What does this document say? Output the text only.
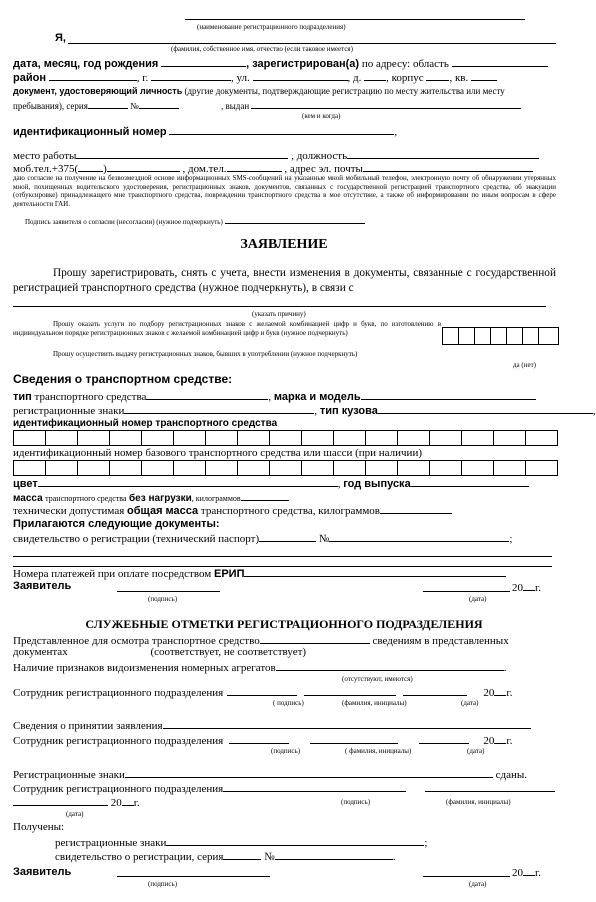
(наименование регистрационного подразделения)
Я,
(фамилия, собственное имя, отчество (если таковое имеется)
дата, месяц, год рождения	, зарегистрирован(а) по адресу: область
район	, г.	, ул.	, д. , корпус , кв.
документ, удостоверяющий личность (другие документы, подтверждающие регистрацию по месту жительства или месту
пребывания), серия	№	, выдан
(кем и когда)
идентификационный номер	,
место работы	, должность
моб.тел.+375( )	, дом.тел.	, адрес эл. почты
даю согласие на получение на безвозмездной основе информационных SMS-сообщений на указанные мной мобильный телефон, электронную почту об обнаружении утерянных мной, похищенных водительского удостоверения, регистрационных знаков, документов, связанных с государственной регистрацией транспортного средства, об эвакуации (отбуксировке) принадлежащего мне транспортного средства, повреждении транспортного средства в мое отсутствие, а также об информировании по иным вопросам в сфере деятельности ГАИ.
Подпись заявителя о согласии (несогласии) (нужное подчеркнуть)
ЗАЯВЛЕНИЕ
Прошу зарегистрировать, снять с учета, внести изменения в документы, связанные с государственной регистрацией транспортного средства (нужное подчеркнуть), в связи с
(указать причину)
Прошу оказать услуги по подбору регистрационных знаков с желаемой комбинацией цифр и букв, по изготовлению в индивидуальном порядке регистрационных знаков с желаемой комбинацией цифр и букв (нужное подчеркнуть)
Прошу осуществить выдачу регистрационных знаков, бывших в употреблении (нужное подчеркнуть)
да (нет)
Сведения о транспортном средстве:
тип транспортного средства	, марка и модель
регистрационные знаки	, тип кузова	,
идентификационный номер транспортного средства
идентификационный номер базового транспортного средства или шасси (при наличии)
цвет	, год выпуска
масса транспортного средства без нагрузки, килограммов
технически допустимая общая масса транспортного средства, килограммов
Прилагаются следующие документы:
свидетельство о регистрации (технический паспорт)	№	;
Номера платежей при оплате посредством ЕРИП
Заявитель	20 г.
(подпись)	(дата)
СЛУЖЕБНЫЕ ОТМЕТКИ РЕГИСТРАЦИОННОГО ПОДРАЗДЕЛЕНИЯ
Представленное для осмотра транспортное средство	сведениям в представленных
документах	(соответствует, не соответствует)
Наличие признаков видоизменения номерных агрегатов	.
(отсутствуют, имеются)
Сотрудник регистрационного подразделения	20 г.
( подпись)	(фамилия, инициалы)	(дата)
Сведения о принятии заявления
Сотрудник регистрационного подразделения	20 г.
(подпись)	( фамилия, инициалы)	(дата)
Регистрационные знаки	сданы.
Сотрудник регистрационного подразделения
20 г.	(подпись)	(фамилия, инициалы)
(дата)
Получены:
регистрационные знаки	;
свидетельство о регистрации, серия	№	.
Заявитель	20 г.
(подпись)	(дата)
